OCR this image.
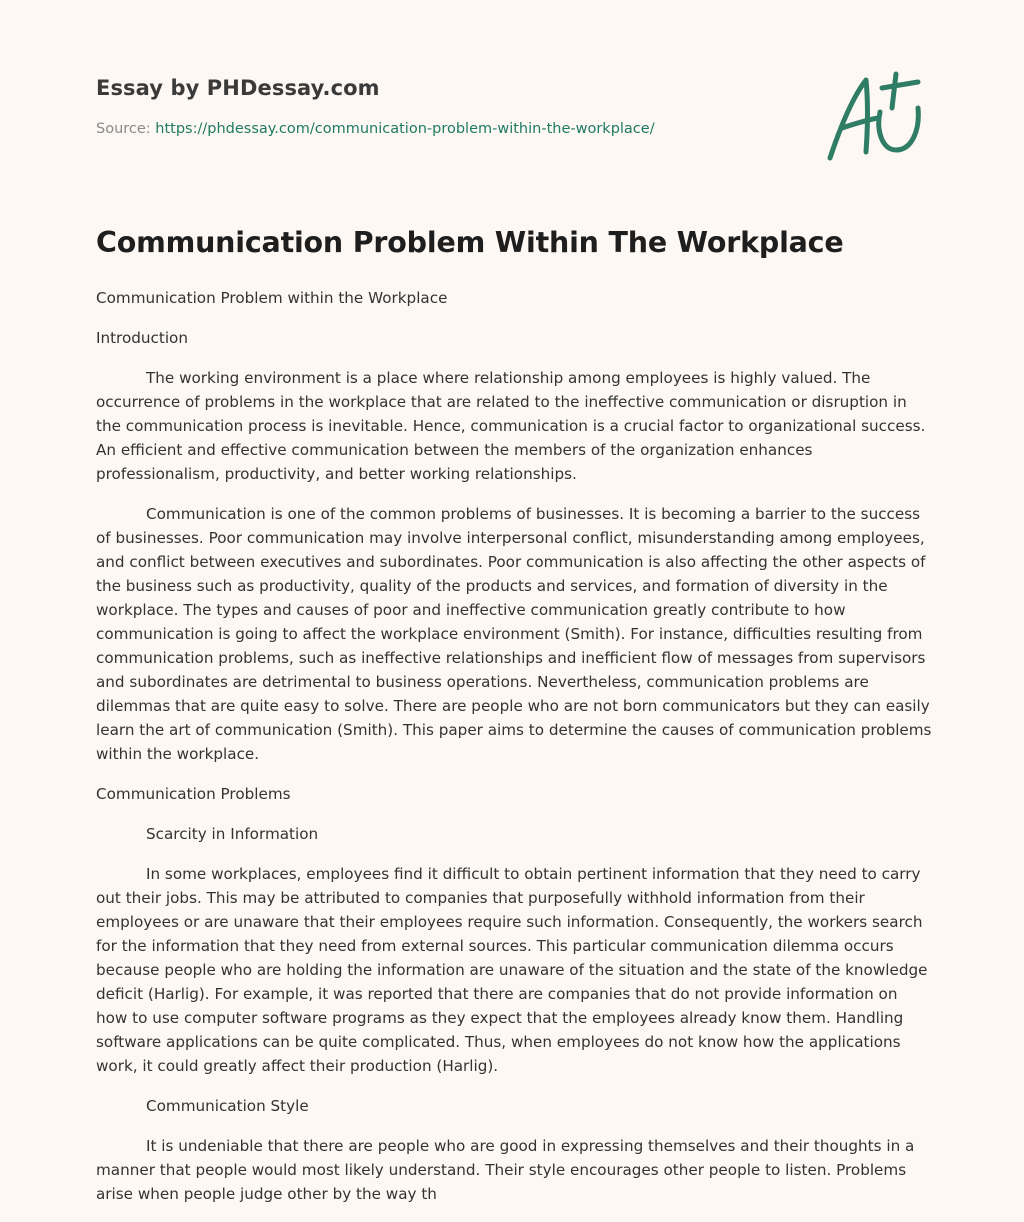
Essay by PHDessay.com
Source: https://phdessay.com/communication-problem-within-the-workplace/
Communication Problem Within The Workplace

Communication Problem within the Workplace

Introduction

The working environment is a place where relationship among employees is highly valued. The occurrence of problems in the workplace that are related to the ineffective communication or disruption in the communication process is inevitable. Hence, communication is a crucial factor to organizational success. An efficient and effective communication between the members of the organization enhances professionalism, productivity, and better working relationships.

Communication is one of the common problems of businesses. It is becoming a barrier to the success of businesses. Poor communication may involve interpersonal conflict, misunderstanding among employees, and conflict between executives and subordinates. Poor communication is also affecting the other aspects of the business such as productivity, quality of the products and services, and formation of diversity in the workplace. The types and causes of poor and ineffective communication greatly contribute to how communication is going to affect the workplace environment (Smith). For instance, difficulties resulting from communication problems, such as ineffective relationships and inefficient flow of messages from supervisors and subordinates are detrimental to business operations. Nevertheless, communication problems are dilemmas that are quite easy to solve. There are people who are not born communicators but they can easily learn the art of communication (Smith). This paper aims to determine the causes of communication problems within the workplace.

Communication Problems

Scarcity in Information

In some workplaces, employees find it difficult to obtain pertinent information that they need to carry out their jobs. This may be attributed to companies that purposefully withhold information from their employees or are unaware that their employees require such information. Consequently, the workers search for the information that they need from external sources. This particular communication dilemma occurs because people who are holding the information are unaware of the situation and the state of the knowledge deficit (Harlig). For example, it was reported that there are companies that do not provide information on how to use computer software programs as they expect that the employees already know them. Handling software applications can be quite complicated. Thus, when employees do not know how the applications work, it could greatly affect their production (Harlig).

Communication Style

It is undeniable that there are people who are good in expressing themselves and their thoughts in a manner that people would most likely understand. Their style encourages other people to listen. Problems arise when people judge other by the way th
